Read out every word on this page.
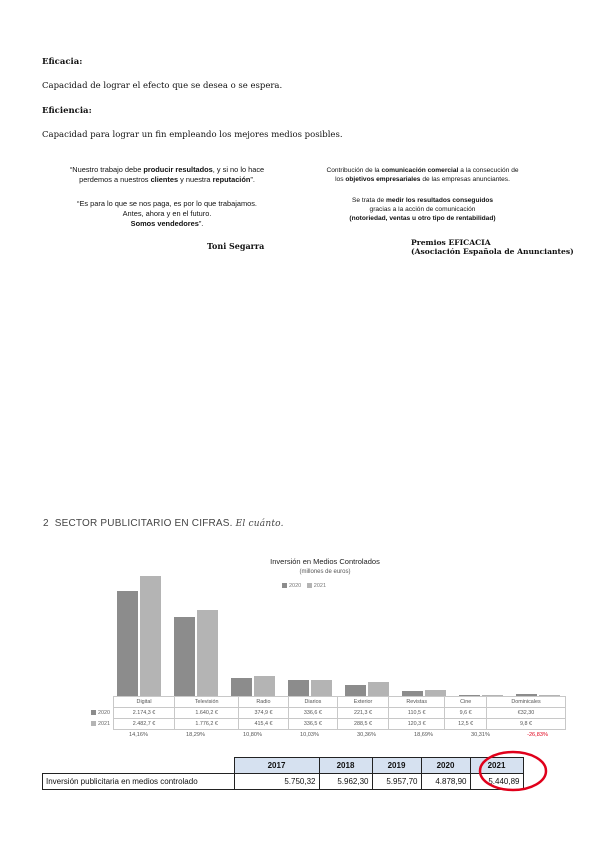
Eficacia:
Capacidad de lograr el efecto que se desea o se espera.
Eficiencia:
Capacidad para lograr un fin empleando los mejores medios posibles.
“Nuestro trabajo debe producir resultados, y si no lo hace
perdemos a nuestros clientes y nuestra reputación”.
“Es para lo que se nos paga, es por lo que trabajamos.
Antes, ahora y en el futuro.
Somos vendedores”.
Toni Segarra
Contribución de la comunicación comercial a la consecución de
los objetivos empresariales de las empresas anunciantes.
Se trata de medir los resultados conseguidos
gracias a la acción de comunicación
(notoriedad, ventas u otro tipo de rentabilidad)
Premios EFICACIA
(Asociación Española de Anunciantes)
2 SECTOR PUBLICITARIO EN CIFRAS. El cuánto.
Inversión en Medios Controlados
(millones de euros)
2020 2021
	Digital	Televisión	Radio	Diarios	Exterior	Revistas	Cine	Dominicales
2020	2.174,3 €	1.640,2 €	374,9 €	336,6 €	221,3 €	110,5 €	9,6 €	€32,30
2021	2.482,7 €	1.776,2 €	415,4 €	336,5 €	288,5 €	120,3 €	12,5 €	9,8 €
14,16%	18,29%	10,80%	10,03%	30,36%	18,69%	30,31%	-26,83%
	2017	2018	2019	2020	2021
Inversión publicitaria en medios controlado	5.750,32	5.962,30	5.957,70	4.878,90	5.440,89
